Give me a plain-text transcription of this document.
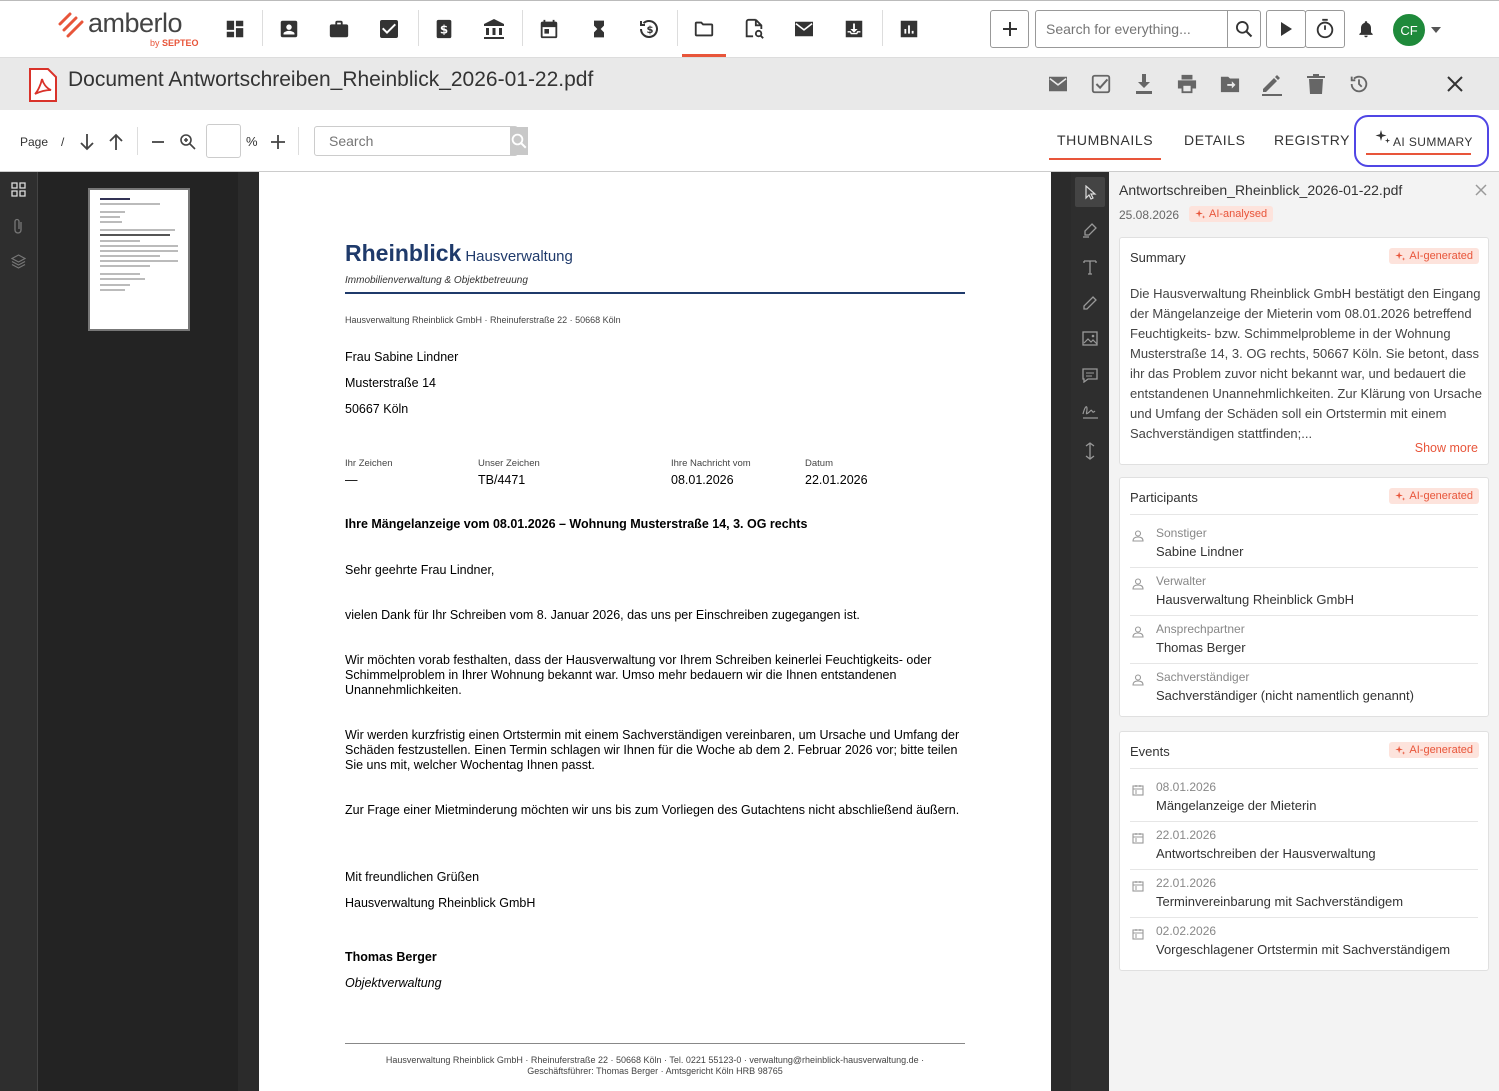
amberlo
by SEPTEO
$	$
Search for everything...	CF
Document Antwortschreiben_Rheinblick_2026-01-22.pdf
Page /	%
Search	THUMBNAILS DETAILS REGISTRY	AI SUMMARY
Rheinblick Hausverwaltung
Immobilienverwaltung & Objektbetreuung
Hausverwaltung Rheinblick GmbH · Rheinuferstraße 22 · 50668 Köln
Frau Sabine Lindner
Musterstraße 14
50667 Köln
Ihr Zeichen
—
Unser Zeichen
TB/4471
Ihre Nachricht vom
08.01.2026
Datum
22.01.2026
Ihre Mängelanzeige vom 08.01.2026 – Wohnung Musterstraße 14, 3. OG rechts
Sehr geehrte Frau Lindner,
vielen Dank für Ihr Schreiben vom 8. Januar 2026, das uns per Einschreiben zugegangen ist.
Wir möchten vorab festhalten, dass der Hausverwaltung vor Ihrem Schreiben keinerlei Feuchtigkeits- oder Schimmelproblem in Ihrer Wohnung bekannt war. Umso mehr bedauern wir die Ihnen entstandenen Unannehmlichkeiten.
Wir werden kurzfristig einen Ortstermin mit einem Sachverständigen vereinbaren, um Ursache und Umfang der Schäden festzustellen. Einen Termin schlagen wir Ihnen für die Woche ab dem 2. Februar 2026 vor; bitte teilen Sie uns mit, welcher Wochentag Ihnen passt.
Zur Frage einer Mietminderung möchten wir uns bis zum Vorliegen des Gutachtens nicht abschließend äußern.
Mit freundlichen Grüßen
Hausverwaltung Rheinblick GmbH
Thomas Berger
Objektverwaltung
Hausverwaltung Rheinblick GmbH · Rheinuferstraße 22 · 50668 Köln · Tel. 0221 55123-0 · verwaltung@rheinblick-hausverwaltung.de ·
Geschäftsführer: Thomas Berger · Amtsgericht Köln HRB 98765
Antwortschreiben_Rheinblick_2026-01-22.pdf
25.08.2026	AI-analysed
Summary	AI-generated
Die Hausverwaltung Rheinblick GmbH bestätigt den Eingang der Mängelanzeige der Mieterin vom 08.01.2026 betreffend Feuchtigkeits- bzw. Schimmelprobleme in der Wohnung Musterstraße 14, 3. OG rechts, 50667 Köln. Sie betont, dass ihr das Problem zuvor nicht bekannt war, und bedauert die entstandenen Unannehmlichkeiten. Zur Klärung von Ursache und Umfang der Schäden soll ein Ortstermin mit einem Sachverständigen stattfinden;...
Show more
Participants	AI-generated
Sonstiger
Sabine Lindner
Verwalter
Hausverwaltung Rheinblick GmbH
Ansprechpartner
Thomas Berger
Sachverständiger
Sachverständiger (nicht namentlich genannt)
Events	AI-generated
08.01.2026
Mängelanzeige der Mieterin
22.01.2026
Antwortschreiben der Hausverwaltung
22.01.2026
Terminvereinbarung mit Sachverständigem
02.02.2026
Vorgeschlagener Ortstermin mit Sachverständigem
